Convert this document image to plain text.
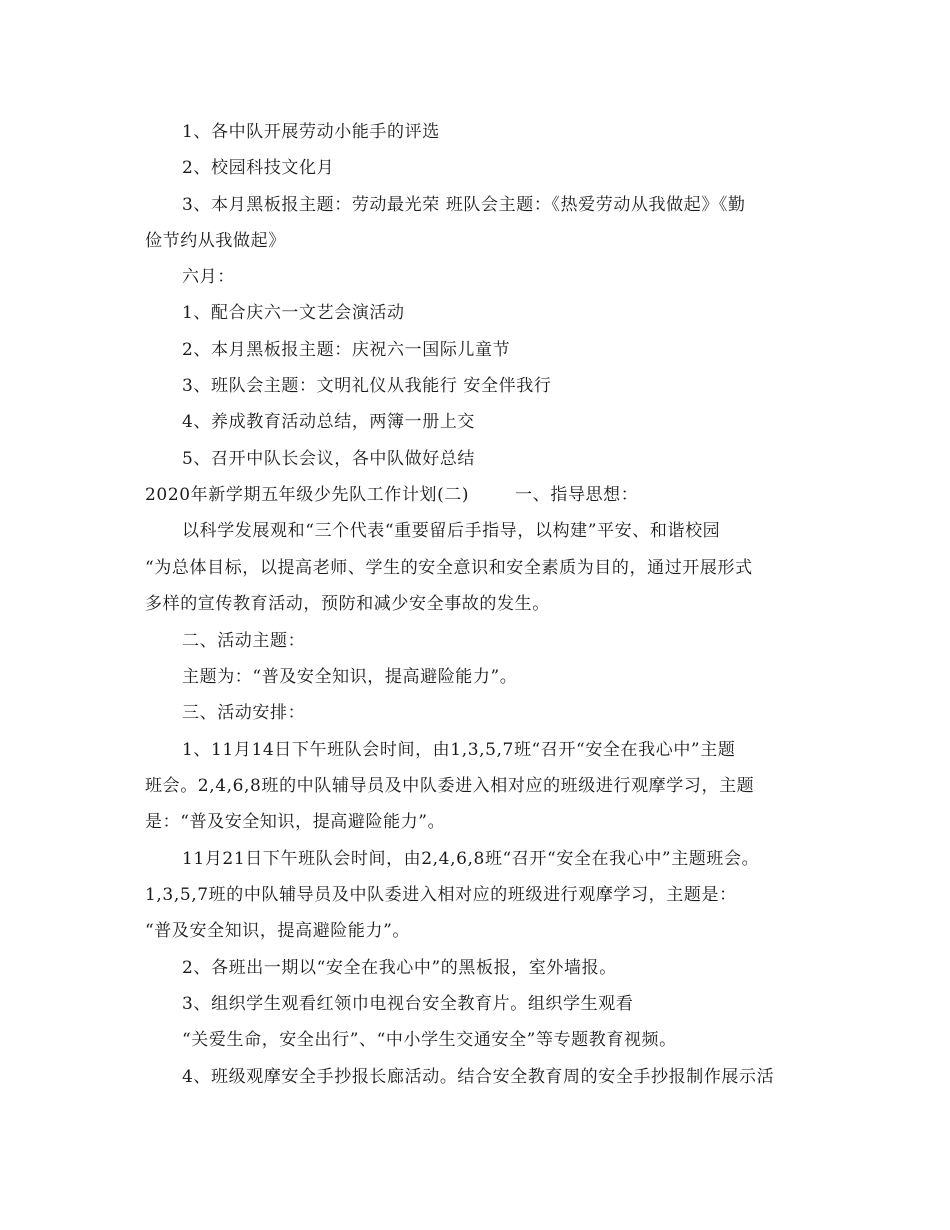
1、各中队开展劳动小能手的评选
2、校园科技文化月
3、本月黑板报主题：劳动最光荣 班队会主题：《热爱劳动从我做起》《勤
俭节约从我做起》
六月：
1、配合庆六一文艺会演活动
2、本月黑板报主题：庆祝六一国际儿童节
3、班队会主题：文明礼仪从我能行 安全伴我行
4、养成教育活动总结，两簿一册上交
5、召开中队长会议，各中队做好总结
2020年新学期五年级少先队工作计划(二)	一、指导思想：
以科学发展观和“三个代表“重要留后手指导，以构建”平安、和谐校园
“为总体目标，以提高老师、学生的安全意识和安全素质为目的，通过开展形式
多样的宣传教育活动，预防和减少安全事故的发生。
二、活动主题：
主题为：“普及安全知识，提高避险能力”。
三、活动安排：
1、11月14日下午班队会时间，由1,3,5,7班“召开“安全在我心中”主题
班会。2,4,6,8班的中队辅导员及中队委进入相对应的班级进行观摩学习，主题
是：“普及安全知识，提高避险能力”。
11月21日下午班队会时间，由2,4,6,8班“召开“安全在我心中”主题班会。
1,3,5,7班的中队辅导员及中队委进入相对应的班级进行观摩学习，主题是：
“普及安全知识，提高避险能力”。
2、各班出一期以“安全在我心中”的黑板报，室外墙报。
3、组织学生观看红领巾电视台安全教育片。组织学生观看
“关爱生命，安全出行”、“中小学生交通安全”等专题教育视频。
4、班级观摩安全手抄报长廊活动。结合安全教育周的安全手抄报制作展示活
